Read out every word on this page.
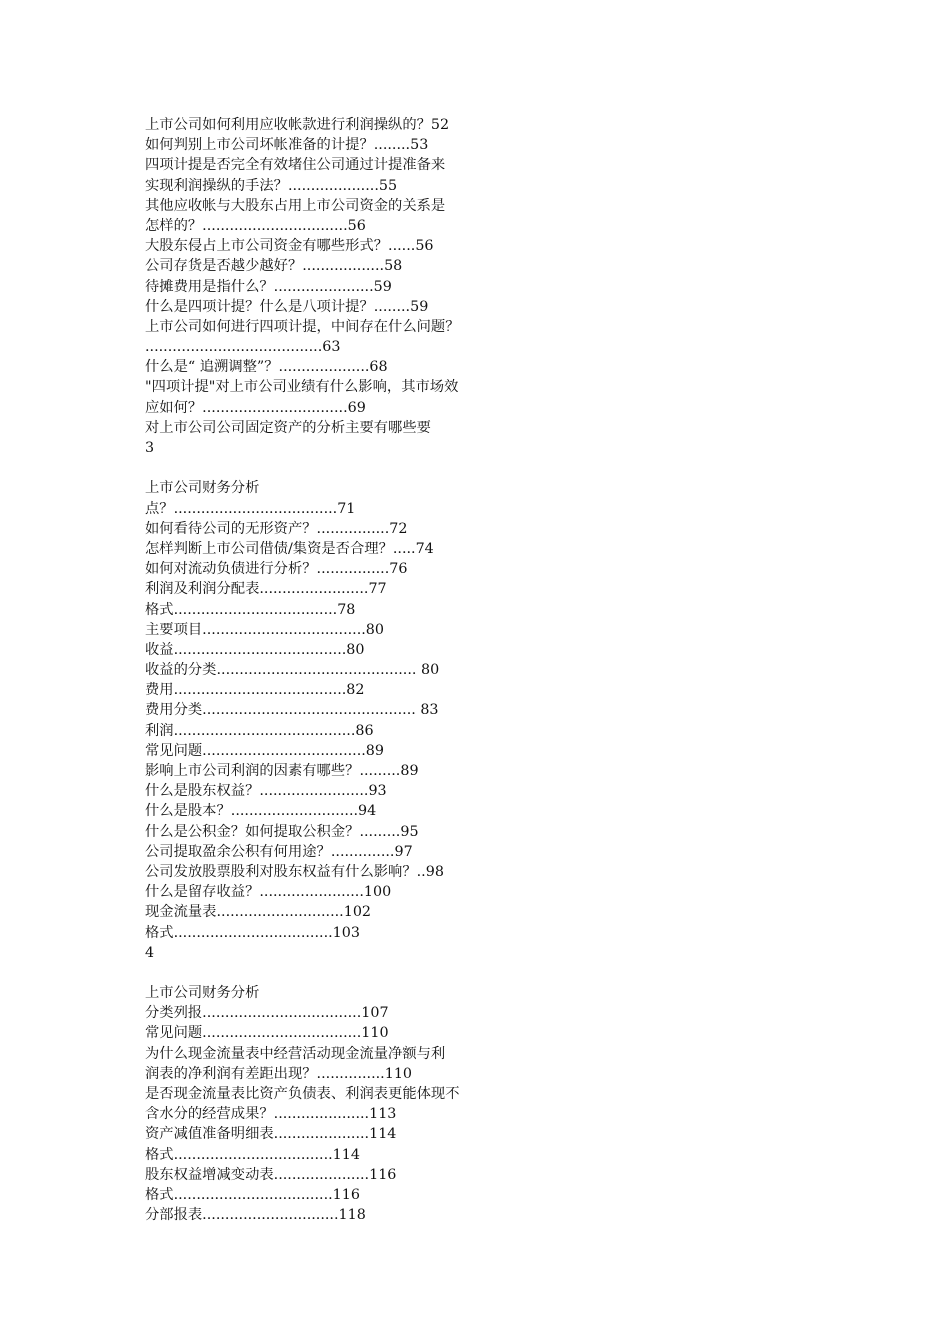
上市公司如何利用应收帐款进行利润操纵的？52
如何判别上市公司坏帐准备的计提？........53
四项计提是否完全有效堵住公司通过计提准备来
实现利润操纵的手法？....................55
其他应收帐与大股东占用上市公司资金的关系是
怎样的？................................56
大股东侵占上市公司资金有哪些形式？......56
公司存货是否越少越好？..................58
待摊费用是指什么？......................59
什么是四项计提？什么是八项计提？........59
上市公司如何进行四项计提，中间存在什么问题？
.......................................63
什么是“ 追溯调整”？....................68
"四项计提"对上市公司业绩有什么影响，其市场效
应如何？................................69
对上市公司公司固定资产的分析主要有哪些要
3
上市公司财务分析
点？....................................71
如何看待公司的无形资产？................72
怎样判断上市公司借债/集资是否合理？.....74
如何对流动负债进行分析？................76
利润及利润分配表........................77
格式....................................78
主要项目....................................80
收益......................................80
收益的分类............................................ 80
费用......................................82
费用分类............................................... 83
利润........................................86
常见问题....................................89
影响上市公司利润的因素有哪些？.........89
什么是股东权益？........................93
什么是股本？............................94
什么是公积金？如何提取公积金？.........95
公司提取盈余公积有何用途？..............97
公司发放股票股利对股东权益有什么影响？..98
什么是留存收益？.......................100
现金流量表............................102
格式...................................103
4
上市公司财务分析
分类列报...................................107
常见问题...................................110
为什么现金流量表中经营活动现金流量净额与利
润表的净利润有差距出现？...............110
是否现金流量表比资产负债表、利润表更能体现不
含水分的经营成果？.....................113
资产减值准备明细表.....................114
格式...................................114
股东权益增减变动表.....................116
格式...................................116
分部报表..............................118
